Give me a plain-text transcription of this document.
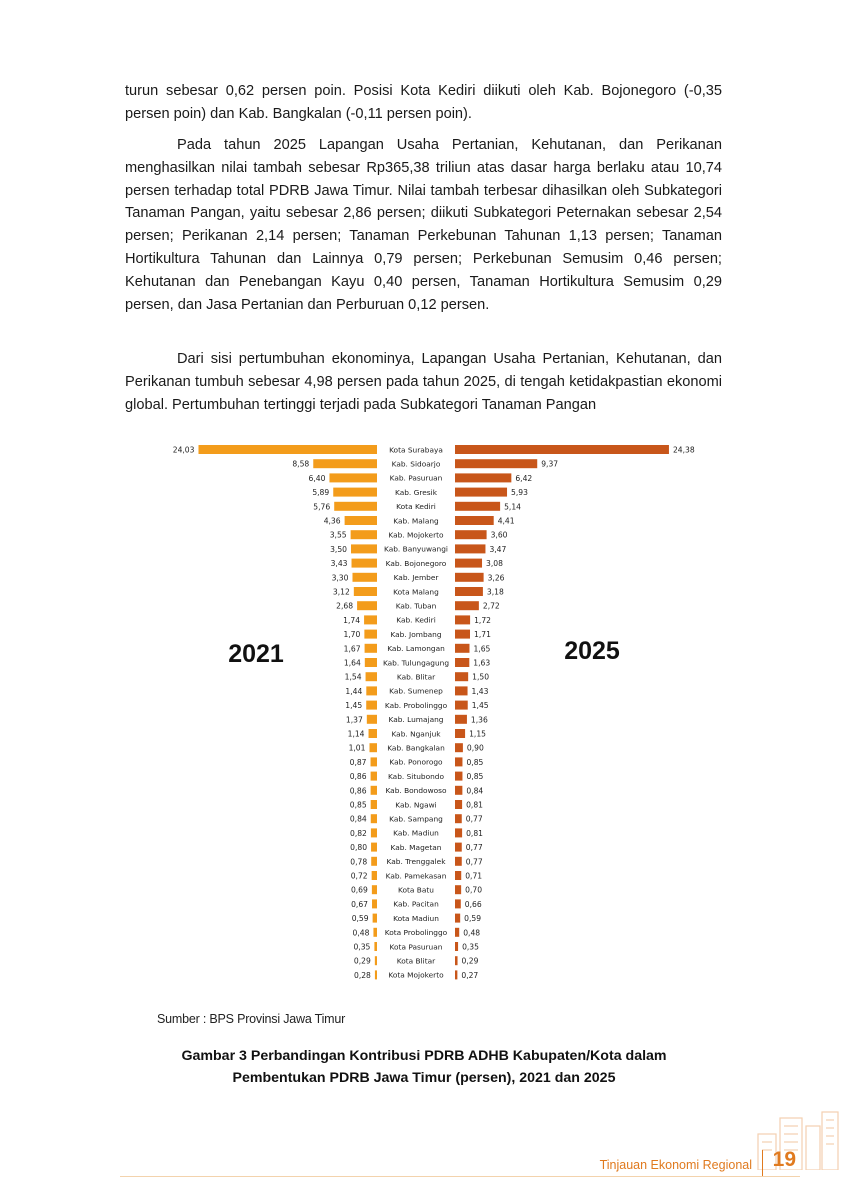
turun sebesar 0,62 persen poin. Posisi Kota Kediri diikuti oleh Kab. Bojonegoro (-0,35 persen poin) dan Kab. Bangkalan (-0,11 persen poin).

Pada tahun 2025 Lapangan Usaha Pertanian, Kehutanan, dan Perikanan menghasilkan nilai tambah sebesar Rp365,38 triliun atas dasar harga berlaku atau 10,74 persen terhadap total PDRB Jawa Timur. Nilai tambah terbesar dihasilkan oleh Subkategori Tanaman Pangan, yaitu sebesar 2,86 persen; diikuti Subkategori Peternakan sebesar 2,54 persen; Perikanan 2,14 persen; Tanaman Perkebunan Tahunan 1,13 persen; Tanaman Hortikultura Tahunan dan Lainnya 0,79 persen; Perkebunan Semusim 0,46 persen; Kehutanan dan Penebangan Kayu 0,40 persen, Tanaman Hortikultura Semusim 0,29 persen, dan Jasa Pertanian dan Perburuan 0,12 persen.

Dari sisi pertumbuhan ekonominya, Lapangan Usaha Pertanian, Kehutanan, dan Perikanan tumbuh sebesar 4,98 persen pada tahun 2025, di tengah ketidakpastian ekonomi global. Pertumbuhan tertinggi terjadi pada Subkategori Tanaman Pangan

24,03	24,38
Kota Surabaya
8,58	9,37
Kab. Sidoarjo
6,40	6,42
Kab. Pasuruan
5,89	5,93
Kab. Gresik
5,76	5,14
Kota Kediri
4,36	4,41
Kab. Malang
3,55	3,60
Kab. Mojokerto
3,50	3,47
Kab. Banyuwangi
3,43	3,08
Kab. Bojonegoro
3,30	3,26
Kab. Jember
3,12	3,18
Kota Malang
2,68	2,72
Kab. Tuban
1,74	1,72
Kab. Kediri
1,70	1,71
Kab. Jombang
1,67	1,65
Kab. Lamongan
1,64	1,63
Kab. Tulungagung
1,54	1,50
Kab. Blitar
1,44	1,43
Kab. Sumenep
1,45	1,45
Kab. Probolinggo
1,37	1,36
Kab. Lumajang
1,14	1,15
Kab. Nganjuk
1,01	0,90
Kab. Bangkalan
0,87	0,85
Kab. Ponorogo
0,86	0,85
Kab. Situbondo
0,86	0,84
Kab. Bondowoso
0,85	0,81
Kab. Ngawi
0,84	0,77
Kab. Sampang
0,82	0,81
Kab. Madiun
0,80	0,77
Kab. Magetan
0,78	0,77
Kab. Trenggalek
0,72	0,71
Kab. Pamekasan
0,69	0,70
Kota Batu
0,67	0,66
Kab. Pacitan
0,59	0,59
Kota Madiun
0,48	0,48
Kota Probolinggo
0,35	0,35
Kota Pasuruan
0,29	0,29
Kota Blitar
0,28	0,27
Kota Mojokerto
2021	2025
Sumber : BPS Provinsi Jawa Timur
Gambar 3 Perbandingan Kontribusi PDRB ADHB Kabupaten/Kota dalam
Pembentukan PDRB Jawa Timur (persen), 2021 dan 2025
Tinjauan Ekonomi Regional 19
